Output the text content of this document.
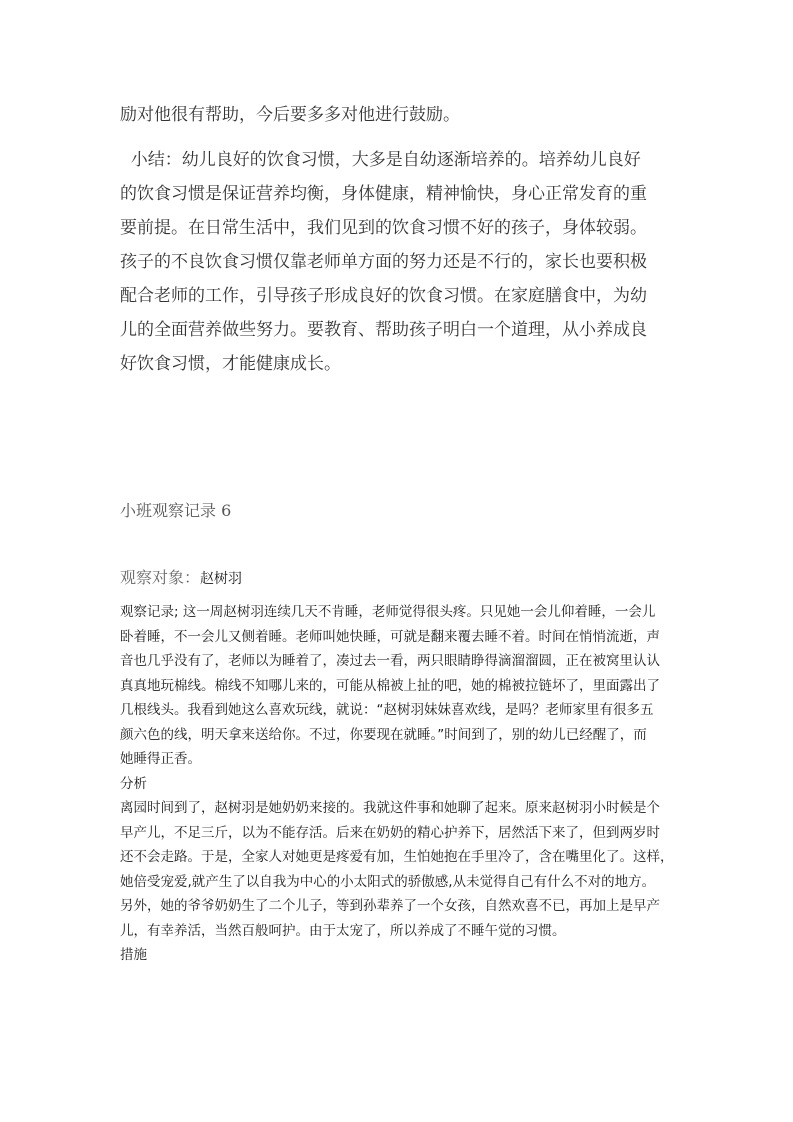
励对他很有帮助，今后要多多对他进行鼓励。
小结：幼儿良好的饮食习惯，大多是自幼逐渐培养的。培养幼儿良好
的饮食习惯是保证营养均衡，身体健康，精神愉快，身心正常发育的重
要前提。在日常生活中，我们见到的饮食习惯不好的孩子，身体较弱。
孩子的不良饮食习惯仅靠老师单方面的努力还是不行的，家长也要积极
配合老师的工作，引导孩子形成良好的饮食习惯。在家庭膳食中，为幼
儿的全面营养做些努力。要教育、帮助孩子明白一个道理，从小养成良
好饮食习惯，才能健康成长。
小班观察记录 6
观察对象：赵树羽
观察记录; 这一周赵树羽连续几天不肯睡，老师觉得很头疼。只见她一会儿仰着睡，一会儿
卧着睡，不一会儿又侧着睡。老师叫她快睡，可就是翻来覆去睡不着。时间在悄悄流逝，声
音也几乎没有了，老师以为睡着了，凑过去一看，两只眼睛睁得滴溜溜圆，正在被窝里认认
真真地玩棉线。棉线不知哪儿来的，可能从棉被上扯的吧，她的棉被拉链坏了，里面露出了
几根线头。我看到她这么喜欢玩线，就说：“赵树羽妹妹喜欢线，是吗？老师家里有很多五
颜六色的线，明天拿来送给你。不过，你要现在就睡。”时间到了，别的幼儿已经醒了，而
她睡得正香。
分析
离园时间到了，赵树羽是她奶奶来接的。我就这件事和她聊了起来。原来赵树羽小时候是个
早产儿，不足三斤，以为不能存活。后来在奶奶的精心护养下，居然活下来了，但到两岁时
还不会走路。于是，全家人对她更是疼爱有加，生怕她抱在手里冷了，含在嘴里化了。这样，
她倍受宠爱,就产生了以自我为中心的小太阳式的骄傲感,从未觉得自己有什么不对的地方。
另外，她的爷爷奶奶生了二个儿子，等到孙辈养了一个女孩，自然欢喜不已，再加上是早产
儿，有幸养活，当然百般呵护。由于太宠了，所以养成了不睡午觉的习惯。
措施
